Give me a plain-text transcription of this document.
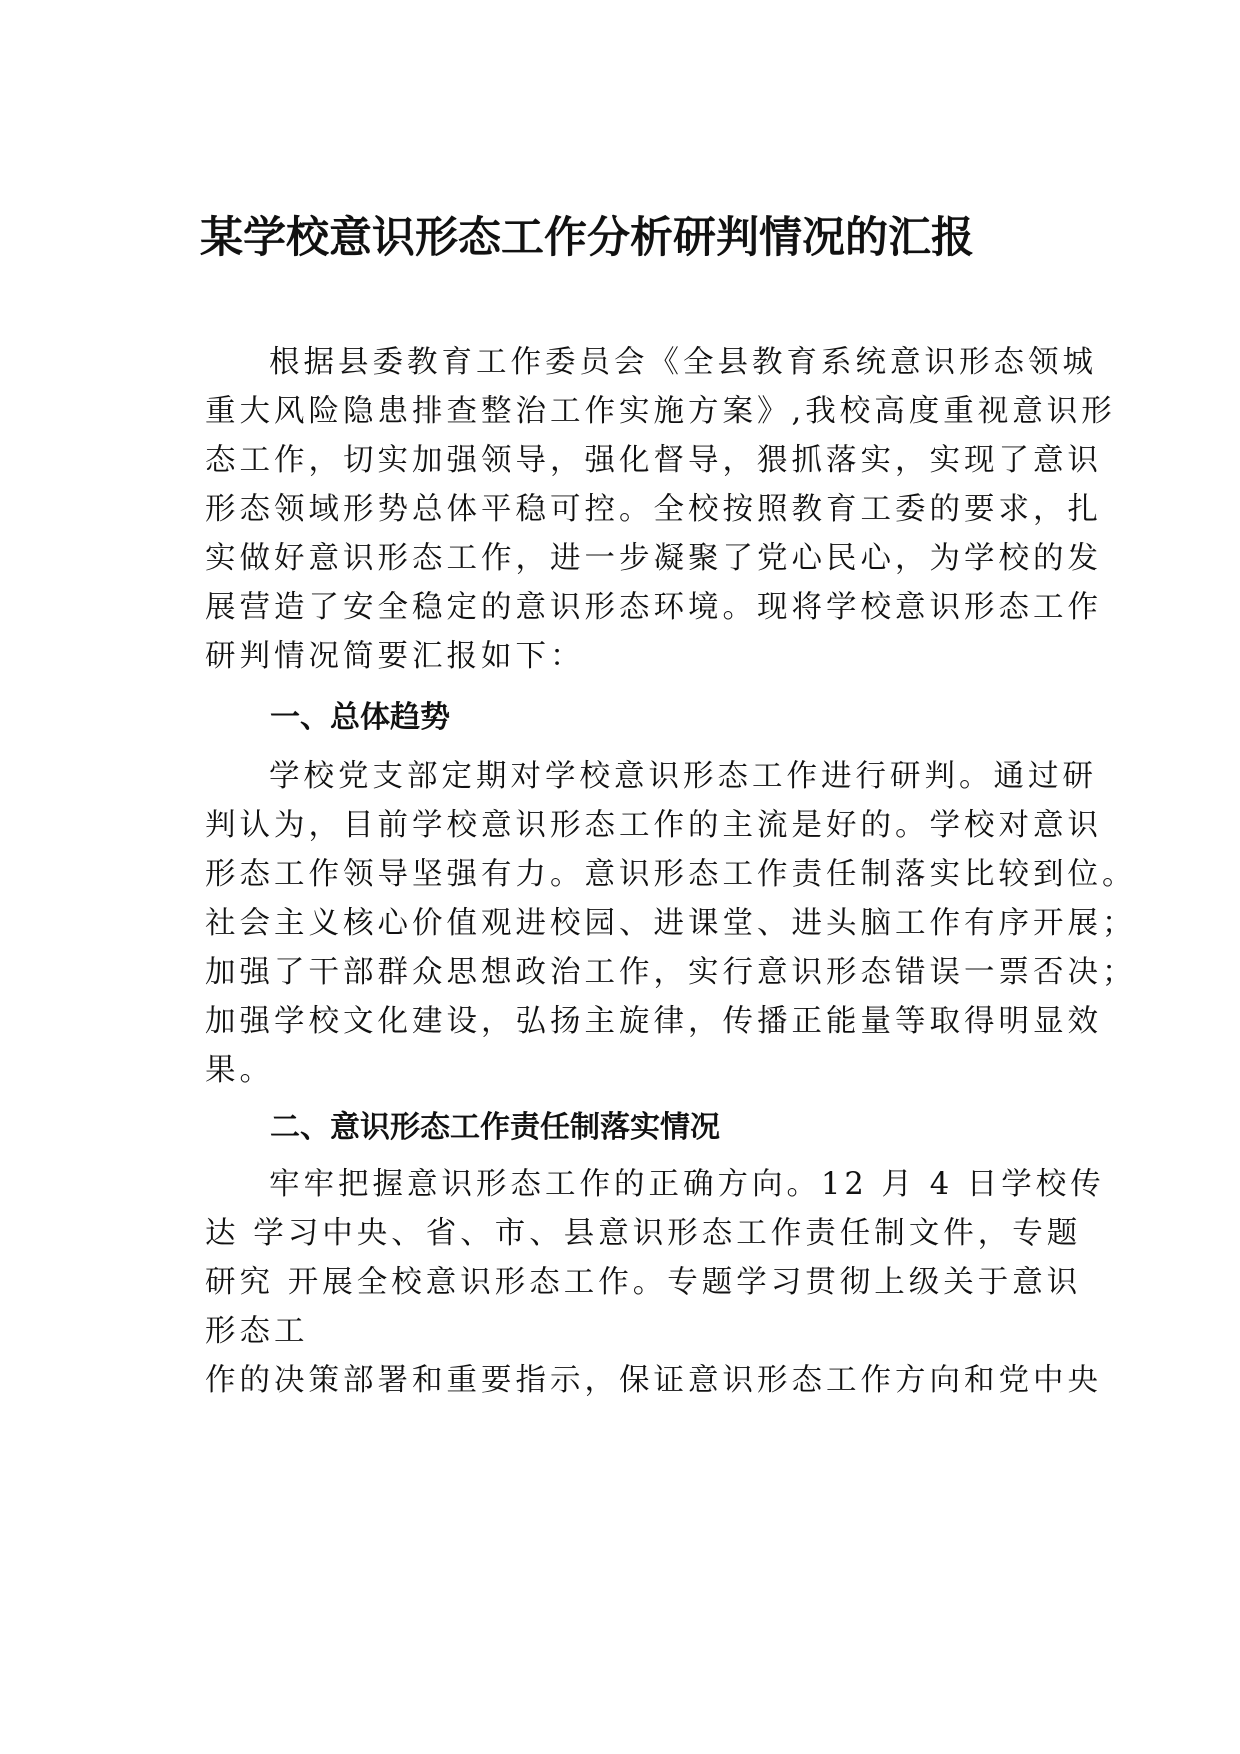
某学校意识形态工作分析研判情况的汇报

根据县委教育工作委员会《全县教育系统意识形态领城

重大风险隐患排查整治工作实施方案》,我校高度重视意识形

态工作，切实加强领导，强化督导，猥抓落实，实现了意识

形态领域形势总体平稳可控。全校按照教育工委的要求，扎

实做好意识形态工作，进一步凝聚了党心民心，为学校的发

展营造了安全稳定的意识形态环境。现将学校意识形态工作

研判情况简要汇报如下：

一、总体趋势

学校党支部定期对学校意识形态工作进行研判。通过研

判认为，目前学校意识形态工作的主流是好的。学校对意识

形态工作领导坚强有力。意识形态工作责任制落实比较到位。

社会主义核心价值观进校园、进课堂、进头脑工作有序开展；

加强了干部群众思想政治工作，实行意识形态错误一票否决；

加强学校文化建设，弘扬主旋律，传播正能量等取得明显效

果。

二、意识形态工作责任制落实情况

牢牢把握意识形态工作的正确方向。12 月 4 日学校传

达 学习中央、省、市、县意识形态工作责任制文件，专题

研究 开展全校意识形态工作。专题学习贯彻上级关于意识

形态工

作的决策部署和重要指示，保证意识形态工作方向和党中央
